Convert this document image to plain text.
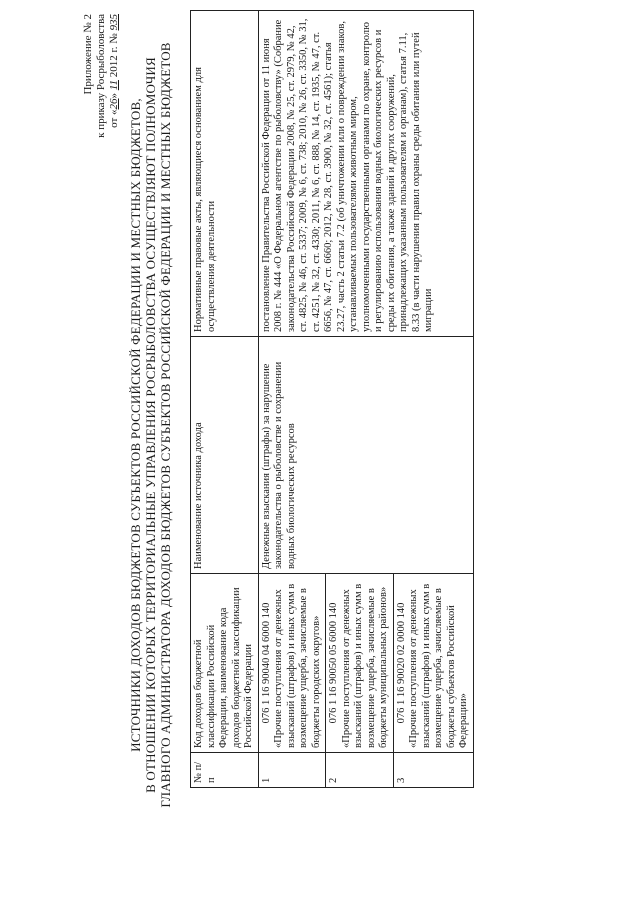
Приложение № 2 к приказу Росрыболовства от «26» 11 2012 г. № 935
ИСТОЧНИКИ ДОХОДОВ БЮДЖЕТОВ СУБЪЕКТОВ РОССИЙСКОЙ ФЕДЕРАЦИИ И МЕСТНЫХ БЮДЖЕТОВ, В ОТНОШЕНИИ КОТОРЫХ ТЕРРИТОРИАЛЬНЫЕ УПРАВЛЕНИЯ РОСРЫБОЛОВСТВА ОСУЩЕСТВЛЯЮТ ПОЛНОМОЧИЯ ГЛАВНОГО АДМИНИСТРАТОРА ДОХОДОВ БЮДЖЕТОВ СУБЪЕКТОВ РОССИЙСКОЙ ФЕДЕРАЦИИ И МЕСТНЫХ БЮДЖЕТОВ № п/п	Код доходов бюджетной классификации Российской Федерации, наименование кода доходов бюджетной классификации Российской Федерации	Наименование источника дохода	Нормативные правовые акты, являющиеся основанием для осуществления деятельности
1	076 1 16 90040 04 6000 140 «Прочие поступления от денежных взысканий (штрафов) и иных сумм в возмещение ущерба, зачисляемые в бюджеты городских округов»	Денежные взыскания (штрафы) за нарушение законодательства о рыболовстве и сохранении водных биологических ресурсов	постановление Правительства Российской Федерации от 11 июня 2008 г. № 444 «О Федеральном агентстве по рыболовству» (Собрание законодательства Российской Федерации 2008, № 25, ст. 2979, № 42, ст. 4825, № 46, ст. 5337; 2009, № 6, ст. 738; 2010, № 26, ст. 3350, № 31, ст. 4251, № 32, ст. 4330; 2011, № 6, ст. 888, № 14, ст. 1935, № 47, ст. 6656, № 47, ст. 6660; 2012, № 28, ст. 3900, № 32, ст. 4561); статья 23.27, часть 2 статьи 7.2 (об уничтожении или о повреждении знаков, устанавливаемых пользователями животным миром, уполномоченными государственными органами по охране, контролю и регулированию использования водных биологических ресурсов и среды их обитания, а также зданий и других сооружений, принадлежащих указанным пользователям и органам), статья 7.11, 8.33 (в части нарушения правил охраны среды обитания или путей миграции
2	076 1 16 90050 05 6000 140 «Прочие поступления от денежных взысканий (штрафов) и иных сумм в возмещение ущерба, зачисляемые в бюджеты муниципальных районов»		
3	076 1 16 90020 02 0000 140 «Прочие поступления от денежных взысканий (штрафов) и иных сумм в возмещение ущерба, зачисляемые в бюджеты субъектов Российской Федерации»		
